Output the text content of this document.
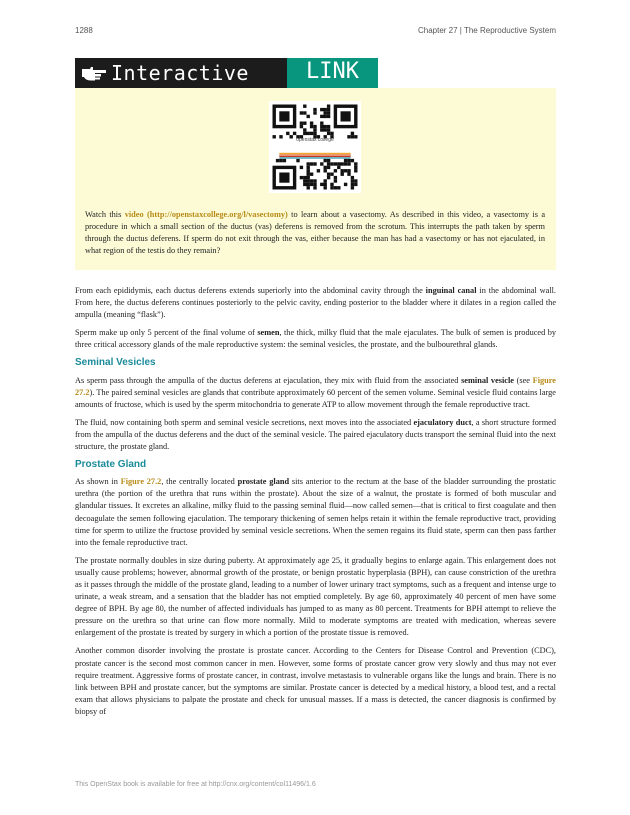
1288	Chapter 27 | The Reproductive System
Interactive	LINK
openstax college
Watch this video (http://openstaxcollege.org/l/vasectomy) to learn about a vasectomy. As described in this video, a vasectomy is a procedure in which a small section of the ductus (vas) deferens is removed from the scrotum. This interrupts the path taken by sperm through the ductus deferens. If sperm do not exit through the vas, either because the man has had a vasectomy or has not ejaculated, in what region of the testis do they remain?

From each epididymis, each ductus deferens extends superiorly into the abdominal cavity through the inguinal canal in the abdominal wall. From here, the ductus deferens continues posteriorly to the pelvic cavity, ending posterior to the bladder where it dilates in a region called the ampulla (meaning “flask”).

Sperm make up only 5 percent of the final volume of semen, the thick, milky fluid that the male ejaculates. The bulk of semen is produced by three critical accessory glands of the male reproductive system: the seminal vesicles, the prostate, and the bulbourethral glands.

Seminal Vesicles

As sperm pass through the ampulla of the ductus deferens at ejaculation, they mix with fluid from the associated seminal vesicle (see Figure 27.2). The paired seminal vesicles are glands that contribute approximately 60 percent of the semen volume. Seminal vesicle fluid contains large amounts of fructose, which is used by the sperm mitochondria to generate ATP to allow movement through the female reproductive tract.

The fluid, now containing both sperm and seminal vesicle secretions, next moves into the associated ejaculatory duct, a short structure formed from the ampulla of the ductus deferens and the duct of the seminal vesicle. The paired ejaculatory ducts transport the seminal fluid into the next structure, the prostate gland.

Prostate Gland

As shown in Figure 27.2, the centrally located prostate gland sits anterior to the rectum at the base of the bladder surrounding the prostatic urethra (the portion of the urethra that runs within the prostate). About the size of a walnut, the prostate is formed of both muscular and glandular tissues. It excretes an alkaline, milky fluid to the passing seminal fluid—now called semen—that is critical to first coagulate and then decoagulate the semen following ejaculation. The temporary thickening of semen helps retain it within the female reproductive tract, providing time for sperm to utilize the fructose provided by seminal vesicle secretions. When the semen regains its fluid state, sperm can then pass farther into the female reproductive tract.

The prostate normally doubles in size during puberty. At approximately age 25, it gradually begins to enlarge again. This enlargement does not usually cause problems; however, abnormal growth of the prostate, or benign prostatic hyperplasia (BPH), can cause constriction of the urethra as it passes through the middle of the prostate gland, leading to a number of lower urinary tract symptoms, such as a frequent and intense urge to urinate, a weak stream, and a sensation that the bladder has not emptied completely. By age 60, approximately 40 percent of men have some degree of BPH. By age 80, the number of affected individuals has jumped to as many as 80 percent. Treatments for BPH attempt to relieve the pressure on the urethra so that urine can flow more normally. Mild to moderate symptoms are treated with medication, whereas severe enlargement of the prostate is treated by surgery in which a portion of the prostate tissue is removed.

Another common disorder involving the prostate is prostate cancer. According to the Centers for Disease Control and Prevention (CDC), prostate cancer is the second most common cancer in men. However, some forms of prostate cancer grow very slowly and thus may not ever require treatment. Aggressive forms of prostate cancer, in contrast, involve metastasis to vulnerable organs like the lungs and brain. There is no link between BPH and prostate cancer, but the symptoms are similar. Prostate cancer is detected by a medical history, a blood test, and a rectal exam that allows physicians to palpate the prostate and check for unusual masses. If a mass is detected, the cancer diagnosis is confirmed by biopsy of

This OpenStax book is available for free at http://cnx.org/content/col11496/1.6
